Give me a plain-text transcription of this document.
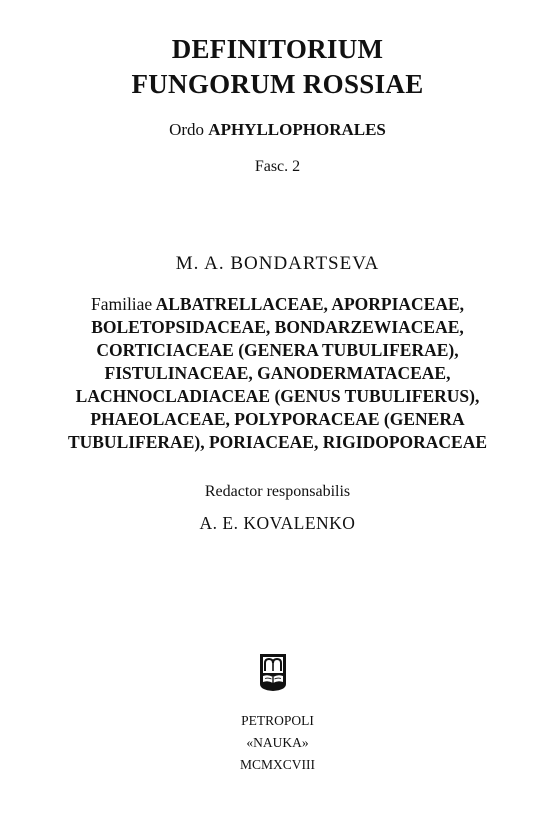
DEFINITORIUM
FUNGORUM ROSSIAE
Ordo APHYLLOPHORALES
Fasc. 2
M. A. BONDARTSEVA
Familiae ALBATRELLACEAE, APORPIACEAE,
BOLETOPSIDACEAE, BONDARZEWIACEAE,
CORTICIACEAE (GENERA TUBULIFERAE),
FISTULINACEAE, GANODERMATACEAE,
LACHNOCLADIACEAE (GENUS TUBULIFERUS),
PHAEOLACEAE, POLYPORACEAE (GENERA
TUBULIFERAE), PORIACEAE, RIGIDOPORACEAE
Redactor responsabilis
A. E. KOVALENKO
PETROPOLI
«NAUKA»
MCMXCVIII
